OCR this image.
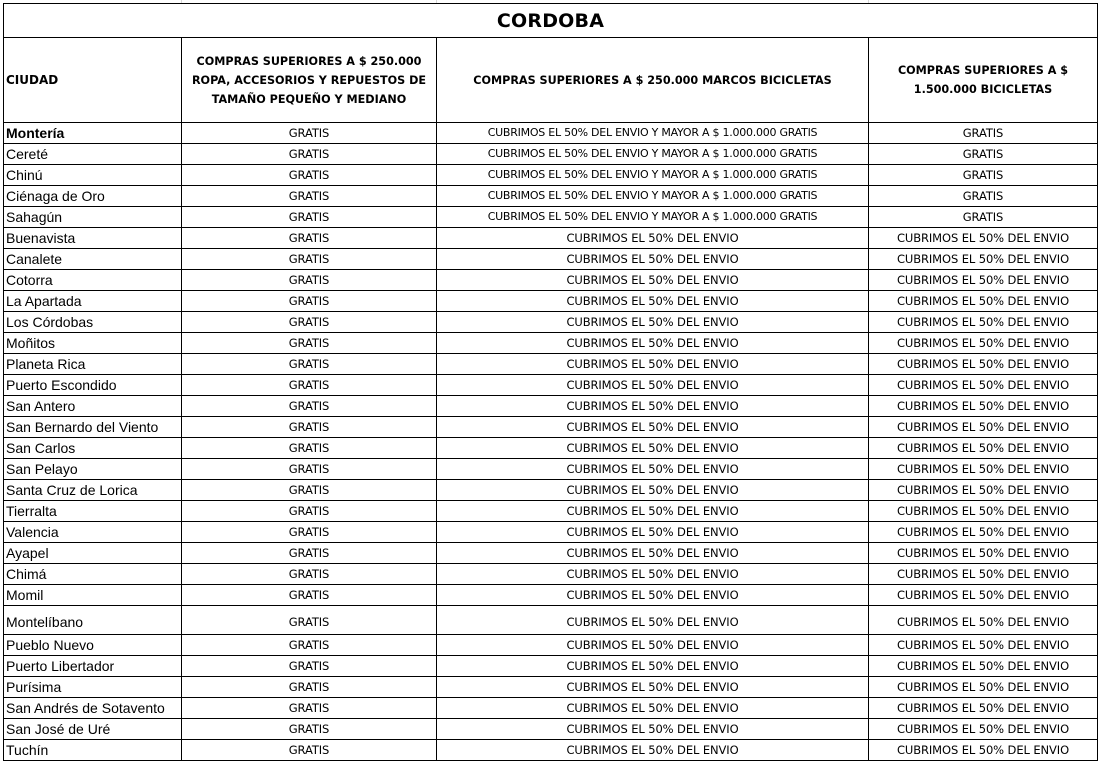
CORDOBA			
CIUDAD	COMPRAS SUPERIORES A $ 250.000 ROPA, ACCESORIOS Y REPUESTOS DE TAMAÑO PEQUEÑO Y MEDIANO	COMPRAS SUPERIORES A $ 250.000 MARCOS BICICLETAS	COMPRAS SUPERIORES A $ 1.500.000 BICICLETAS
Montería	GRATIS	CUBRIMOS EL 50% DEL ENVIO Y MAYOR A $ 1.000.000 GRATIS	GRATIS
Cereté	GRATIS	CUBRIMOS EL 50% DEL ENVIO Y MAYOR A $ 1.000.000 GRATIS	GRATIS
Chinú	GRATIS	CUBRIMOS EL 50% DEL ENVIO Y MAYOR A $ 1.000.000 GRATIS	GRATIS
Ciénaga de Oro	GRATIS	CUBRIMOS EL 50% DEL ENVIO Y MAYOR A $ 1.000.000 GRATIS	GRATIS
Sahagún	GRATIS	CUBRIMOS EL 50% DEL ENVIO Y MAYOR A $ 1.000.000 GRATIS	GRATIS
Buenavista	GRATIS	CUBRIMOS EL 50% DEL ENVIO	CUBRIMOS EL 50% DEL ENVIO
Canalete	GRATIS	CUBRIMOS EL 50% DEL ENVIO	CUBRIMOS EL 50% DEL ENVIO
Cotorra	GRATIS	CUBRIMOS EL 50% DEL ENVIO	CUBRIMOS EL 50% DEL ENVIO
La Apartada	GRATIS	CUBRIMOS EL 50% DEL ENVIO	CUBRIMOS EL 50% DEL ENVIO
Los Córdobas	GRATIS	CUBRIMOS EL 50% DEL ENVIO	CUBRIMOS EL 50% DEL ENVIO
Moñitos	GRATIS	CUBRIMOS EL 50% DEL ENVIO	CUBRIMOS EL 50% DEL ENVIO
Planeta Rica	GRATIS	CUBRIMOS EL 50% DEL ENVIO	CUBRIMOS EL 50% DEL ENVIO
Puerto Escondido	GRATIS	CUBRIMOS EL 50% DEL ENVIO	CUBRIMOS EL 50% DEL ENVIO
San Antero	GRATIS	CUBRIMOS EL 50% DEL ENVIO	CUBRIMOS EL 50% DEL ENVIO
San Bernardo del Viento	GRATIS	CUBRIMOS EL 50% DEL ENVIO	CUBRIMOS EL 50% DEL ENVIO
San Carlos	GRATIS	CUBRIMOS EL 50% DEL ENVIO	CUBRIMOS EL 50% DEL ENVIO
San Pelayo	GRATIS	CUBRIMOS EL 50% DEL ENVIO	CUBRIMOS EL 50% DEL ENVIO
Santa Cruz de Lorica	GRATIS	CUBRIMOS EL 50% DEL ENVIO	CUBRIMOS EL 50% DEL ENVIO
Tierralta	GRATIS	CUBRIMOS EL 50% DEL ENVIO	CUBRIMOS EL 50% DEL ENVIO
Valencia	GRATIS	CUBRIMOS EL 50% DEL ENVIO	CUBRIMOS EL 50% DEL ENVIO
Ayapel	GRATIS	CUBRIMOS EL 50% DEL ENVIO	CUBRIMOS EL 50% DEL ENVIO
Chimá	GRATIS	CUBRIMOS EL 50% DEL ENVIO	CUBRIMOS EL 50% DEL ENVIO
Momil	GRATIS	CUBRIMOS EL 50% DEL ENVIO	CUBRIMOS EL 50% DEL ENVIO
Montelíbano	GRATIS	CUBRIMOS EL 50% DEL ENVIO	CUBRIMOS EL 50% DEL ENVIO
Pueblo Nuevo	GRATIS	CUBRIMOS EL 50% DEL ENVIO	CUBRIMOS EL 50% DEL ENVIO
Puerto Libertador	GRATIS	CUBRIMOS EL 50% DEL ENVIO	CUBRIMOS EL 50% DEL ENVIO
Purísima	GRATIS	CUBRIMOS EL 50% DEL ENVIO	CUBRIMOS EL 50% DEL ENVIO
San Andrés de Sotavento	GRATIS	CUBRIMOS EL 50% DEL ENVIO	CUBRIMOS EL 50% DEL ENVIO
San José de Uré	GRATIS	CUBRIMOS EL 50% DEL ENVIO	CUBRIMOS EL 50% DEL ENVIO
Tuchín	GRATIS	CUBRIMOS EL 50% DEL ENVIO	CUBRIMOS EL 50% DEL ENVIO
